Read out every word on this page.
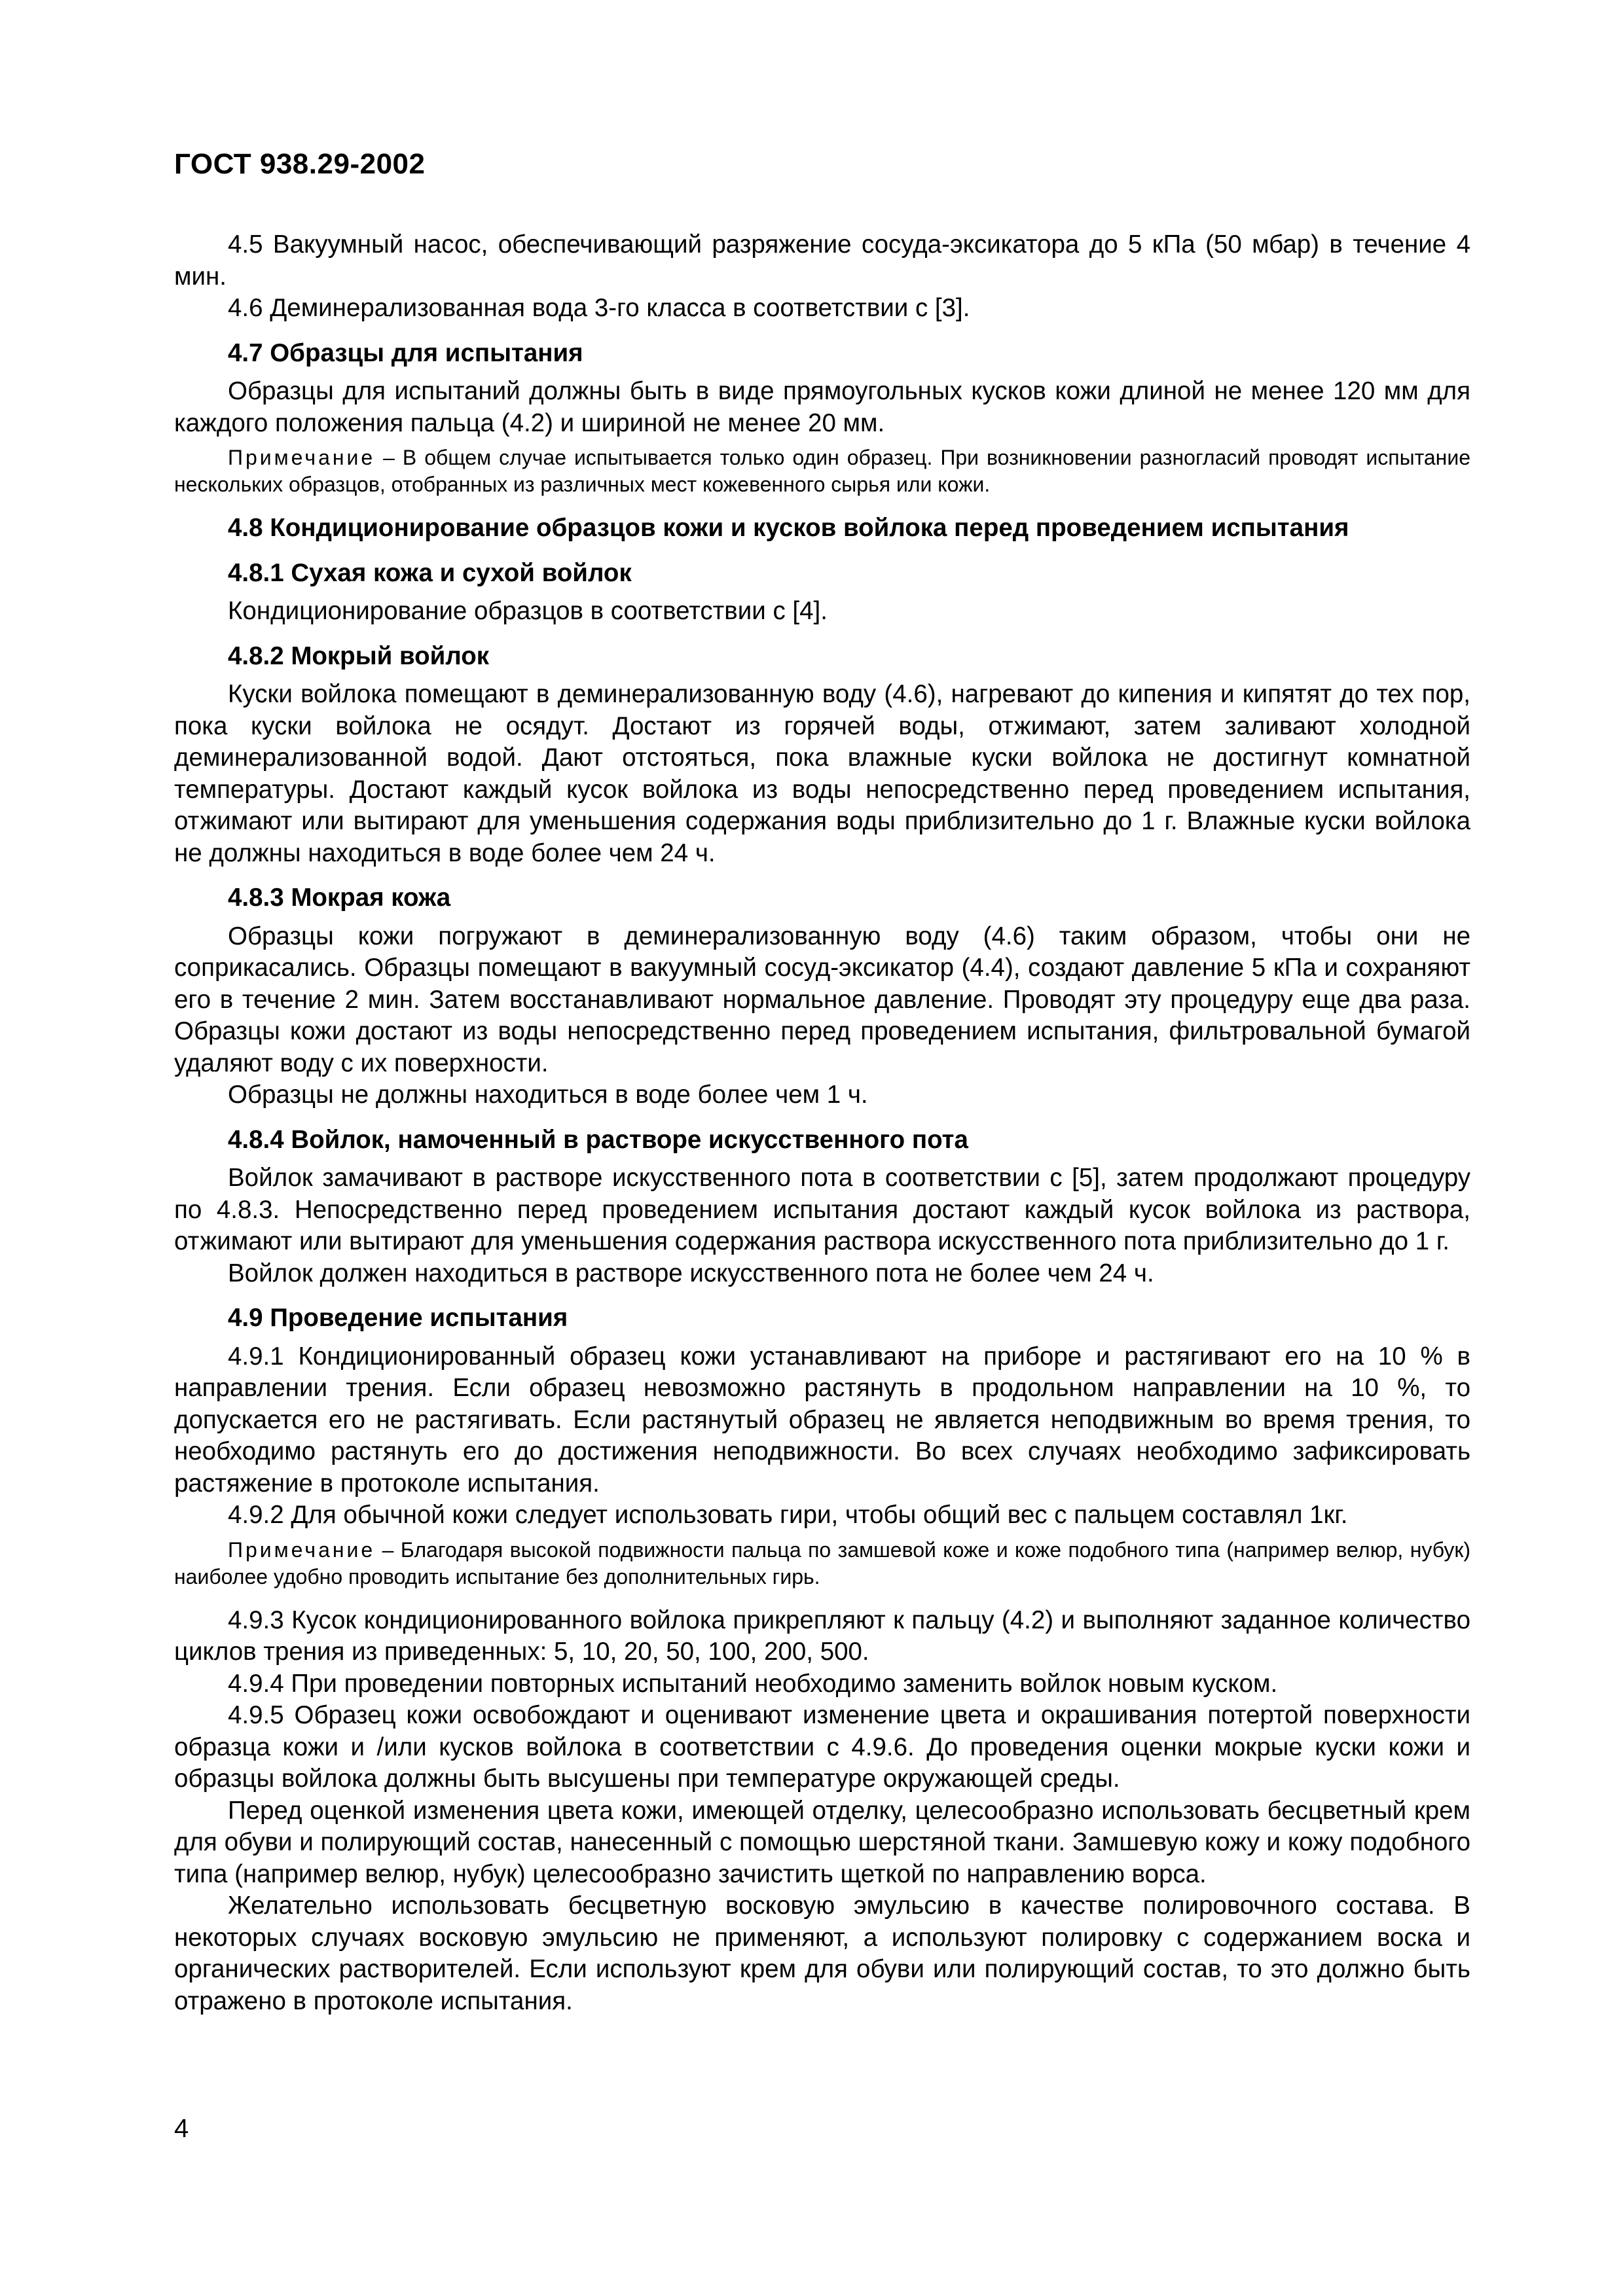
ГОСТ 938.29-2002

4.5 Вакуумный насос, обеспечивающий разряжение сосуда-эксикатора до 5 кПа (50 мбар) в течение 4 мин.

4.6 Деминерализованная вода 3-го класса в соответствии с [3].

4.7 Образцы для испытания

Образцы для испытаний должны быть в виде прямоугольных кусков кожи длиной не менее 120 мм для каждого положения пальца (4.2) и шириной не менее 20 мм.

Примечание – В общем случае испытывается только один образец. При возникновении разногласий проводят испытание нескольких образцов, отобранных из различных мест кожевенного сырья или кожи.

4.8 Кондиционирование образцов кожи и кусков войлока перед проведением испытания

4.8.1 Сухая кожа и сухой войлок

Кондиционирование образцов в соответствии с [4].

4.8.2 Мокрый войлок

Куски войлока помещают в деминерализованную воду (4.6), нагревают до кипения и кипятят до тех пор, пока куски войлока не осядут. Достают из горячей воды, отжимают, затем заливают холодной деминерализованной водой. Дают отстояться, пока влажные куски войлока не достигнут комнатной температуры. Достают каждый кусок войлока из воды непосредственно перед проведением испытания, отжимают или вытирают для уменьшения содержания воды приблизительно до 1 г. Влажные куски войлока не должны находиться в воде более чем 24 ч.

4.8.3 Мокрая кожа

Образцы кожи погружают в деминерализованную воду (4.6) таким образом, чтобы они не соприкасались. Образцы помещают в вакуумный сосуд-эксикатор (4.4), создают давление 5 кПа и сохраняют его в течение 2 мин. Затем восстанавливают нормальное давление. Проводят эту процедуру еще два раза. Образцы кожи достают из воды непосредственно перед проведением испытания, фильтровальной бумагой удаляют воду с их поверхности.

Образцы не должны находиться в воде более чем 1 ч.

4.8.4 Войлок, намоченный в растворе искусственного пота

Войлок замачивают в растворе искусственного пота в соответствии с [5], затем продолжают процедуру по 4.8.3. Непосредственно перед проведением испытания достают каждый кусок войлока из раствора, отжимают или вытирают для уменьшения содержания раствора искусственного пота приблизительно до 1 г.

Войлок должен находиться в растворе искусственного пота не более чем 24 ч.

4.9 Проведение испытания

4.9.1 Кондиционированный образец кожи устанавливают на приборе и растягивают его на 10 % в направлении трения. Если образец невозможно растянуть в продольном направлении на 10 %, то допускается его не растягивать. Если растянутый образец не является неподвижным во время трения, то необходимо растянуть его до достижения неподвижности. Во всех случаях необходимо зафиксировать растяжение в протоколе испытания.

4.9.2 Для обычной кожи следует использовать гири, чтобы общий вес с пальцем составлял 1кг.

Примечание – Благодаря высокой подвижности пальца по замшевой коже и коже подобного типа (например велюр, нубук) наиболее удобно проводить испытание без дополнительных гирь.

4.9.3 Кусок кондиционированного войлока прикрепляют к пальцу (4.2) и выполняют заданное количество циклов трения из приведенных: 5, 10, 20, 50, 100, 200, 500.

4.9.4 При проведении повторных испытаний необходимо заменить войлок новым куском.

4.9.5 Образец кожи освобождают и оценивают изменение цвета и окрашивания потертой поверхности образца кожи и /или кусков войлока в соответствии с 4.9.6. До проведения оценки мокрые куски кожи и образцы войлока должны быть высушены при температуре окружающей среды.

Перед оценкой изменения цвета кожи, имеющей отделку, целесообразно использовать бесцветный крем для обуви и полирующий состав, нанесенный с помощью шерстяной ткани. Замшевую кожу и кожу подобного типа (например велюр, нубук) целесообразно зачистить щеткой по направлению ворса.

Желательно использовать бесцветную восковую эмульсию в качестве полировочного состава. В некоторых случаях восковую эмульсию не применяют, а используют полировку с содержанием воска и органических растворителей. Если используют крем для обуви или полирующий состав, то это должно быть отражено в протоколе испытания.

4
